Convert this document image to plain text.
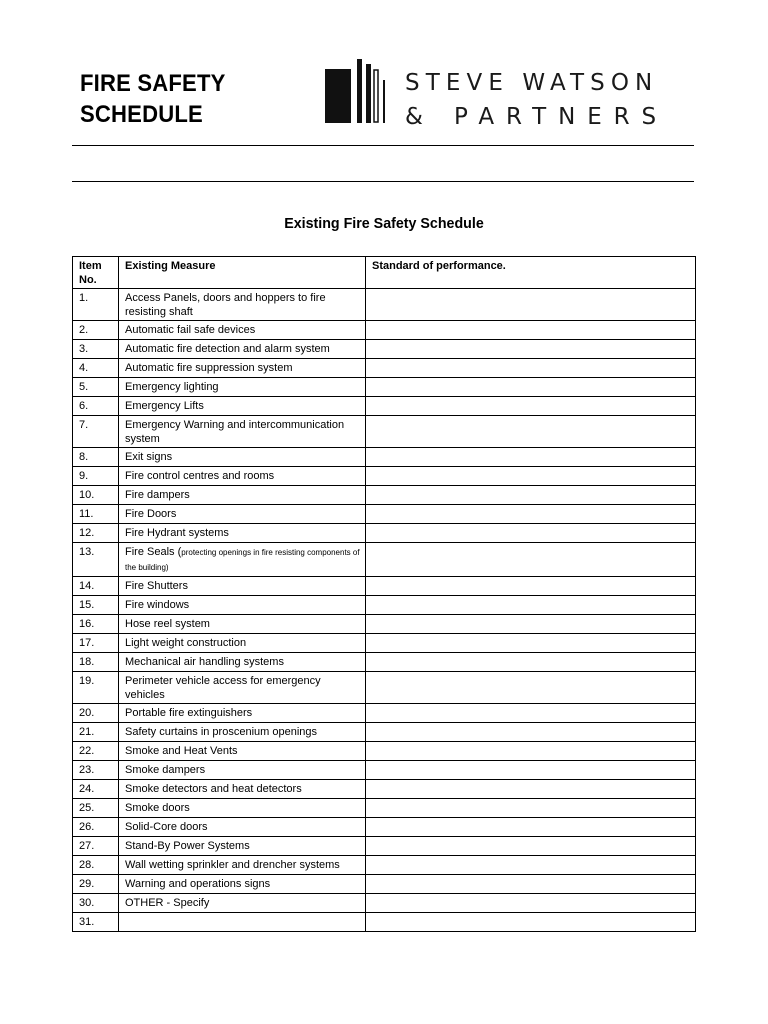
FIRE SAFETY
SCHEDULE
STEVE WATSON
& PARTNERS
Existing Fire Safety Schedule
Item No.	Existing Measure	Standard of performance.
1.	Access Panels, doors and hoppers to fire resisting shaft	
2.	Automatic fail safe devices	
3.	Automatic fire detection and alarm system	
4.	Automatic fire suppression system	
5.	Emergency lighting	
6.	Emergency Lifts	
7.	Emergency Warning and intercommunication system	
8.	Exit signs	
9.	Fire control centres and rooms	
10.	Fire dampers	
11.	Fire Doors	
12.	Fire Hydrant systems	
13.	Fire Seals (protecting openings in fire resisting components of the building)	
14.	Fire Shutters	
15.	Fire windows	
16.	Hose reel system	
17.	Light weight construction	
18.	Mechanical air handling systems	
19.	Perimeter vehicle access for emergency vehicles	
20.	Portable fire extinguishers	
21.	Safety curtains in proscenium openings	
22.	Smoke and Heat Vents	
23.	Smoke dampers	
24.	Smoke detectors and heat detectors	
25.	Smoke doors	
26.	Solid-Core doors	
27.	Stand-By Power Systems	
28.	Wall wetting sprinkler and drencher systems	
29.	Warning and operations signs	
30.	OTHER - Specify	
31.		
